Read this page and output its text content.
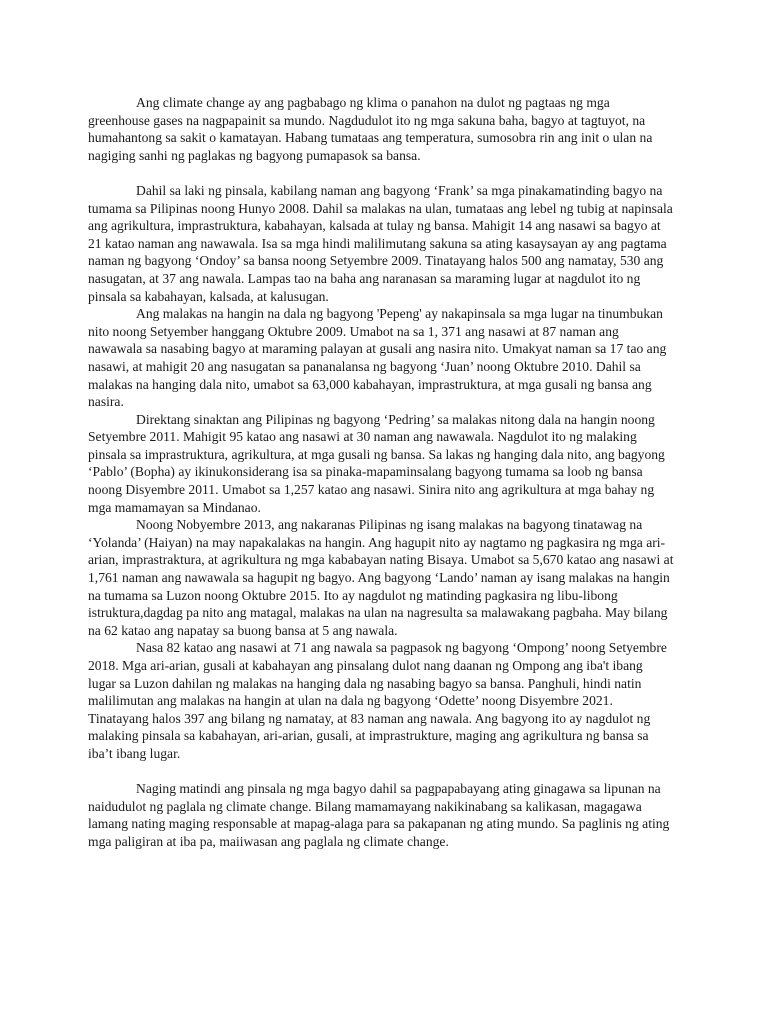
Ang climate change ay ang pagbabago ng klima o panahon na dulot ng pagtaas ng mga greenhouse gases na nagpapainit sa mundo. Nagdudulot ito ng mga sakuna baha, bagyo at tagtuyot, na humahantong sa sakit o kamatayan. Habang tumataas ang temperatura, sumosobra rin ang init o ulan na nagiging sanhi ng paglakas ng bagyong pumapasok sa bansa.

Dahil sa laki ng pinsala, kabilang naman ang bagyong ‘Frank’ sa mga pinakamatinding bagyo na tumama sa Pilipinas noong Hunyo 2008. Dahil sa malakas na ulan, tumataas ang lebel ng tubig at napinsala ang agrikultura, imprastruktura, kabahayan, kalsada at tulay ng bansa. Mahigit 14 ang nasawi sa bagyo at 21 katao naman ang nawawala. Isa sa mga hindi malilimutang sakuna sa ating kasaysayan ay ang pagtama naman ng bagyong ‘Ondoy’ sa bansa noong Setyembre 2009. Tinatayang halos 500 ang namatay, 530 ang nasugatan, at 37 ang nawala. Lampas tao na baha ang naranasan sa maraming lugar at nagdulot ito ng pinsala sa kabahayan, kalsada, at kalusugan.

Ang malakas na hangin na dala ng bagyong 'Pepeng' ay nakapinsala sa mga lugar na tinumbukan nito noong Setyember hanggang Oktubre 2009. Umabot na sa 1, 371 ang nasawi at 87 naman ang nawawala sa nasabing bagyo at maraming palayan at gusali ang nasira nito. Umakyat naman sa 17 tao ang nasawi, at mahigit 20 ang nasugatan sa pananalansa ng bagyong ‘Juan’ noong Oktubre 2010. Dahil sa malakas na hanging dala nito, umabot sa 63,000 kabahayan, imprastruktura, at mga gusali ng bansa ang nasira.

Direktang sinaktan ang Pilipinas ng bagyong ‘Pedring’ sa malakas nitong dala na hangin noong Setyembre 2011. Mahigit 95 katao ang nasawi at 30 naman ang nawawala. Nagdulot ito ng malaking pinsala sa imprastruktura, agrikultura, at mga gusali ng bansa. Sa lakas ng hanging dala nito, ang bagyong ‘Pablo’ (Bopha) ay ikinukonsiderang isa sa pinaka-mapaminsalang bagyong tumama sa loob ng bansa noong Disyembre 2011. Umabot sa 1,257 katao ang nasawi. Sinira nito ang agrikultura at mga bahay ng mga mamamayan sa Mindanao.

Noong Nobyembre 2013, ang nakaranas Pilipinas ng isang malakas na bagyong tinatawag na ‘Yolanda’ (Haiyan) na may napakalakas na hangin. Ang hagupit nito ay nagtamo ng pagkasira ng mga ari-arian, imprastraktura, at agrikultura ng mga kababayan nating Bisaya. Umabot sa 5,670 katao ang nasawi at 1,761 naman ang nawawala sa hagupit ng bagyo. Ang bagyong ‘Lando’ naman ay isang malakas na hangin na tumama sa Luzon noong Oktubre 2015. Ito ay nagdulot ng matinding pagkasira ng libu-libong istruktura,dagdag pa nito ang matagal, malakas na ulan na nagresulta sa malawakang pagbaha. May bilang na 62 katao ang napatay sa buong bansa at 5 ang nawala.

Nasa 82 katao ang nasawi at 71 ang nawala sa pagpasok ng bagyong ‘Ompong’ noong Setyembre 2018. Mga ari-arian, gusali at kabahayan ang pinsalang dulot nang daanan ng Ompong ang iba't ibang lugar sa Luzon dahilan ng malakas na hanging dala ng nasabing bagyo sa bansa. Panghuli, hindi natin malilimutan ang malakas na hangin at ulan na dala ng bagyong ‘Odette’ noong Disyembre 2021. Tinatayang halos 397 ang bilang ng namatay, at 83 naman ang nawala. Ang bagyong ito ay nagdulot ng malaking pinsala sa kabahayan, ari-arian, gusali, at imprastrukture, maging ang agrikultura ng bansa sa iba’t ibang lugar.

Naging matindi ang pinsala ng mga bagyo dahil sa pagpapabayang ating ginagawa sa lipunan na naidudulot ng paglala ng climate change. Bilang mamamayang nakikinabang sa kalikasan, magagawa lamang nating maging responsable at mapag-alaga para sa pakapanan ng ating mundo. Sa paglinis ng ating mga paligiran at iba pa, maiiwasan ang paglala ng climate change.
